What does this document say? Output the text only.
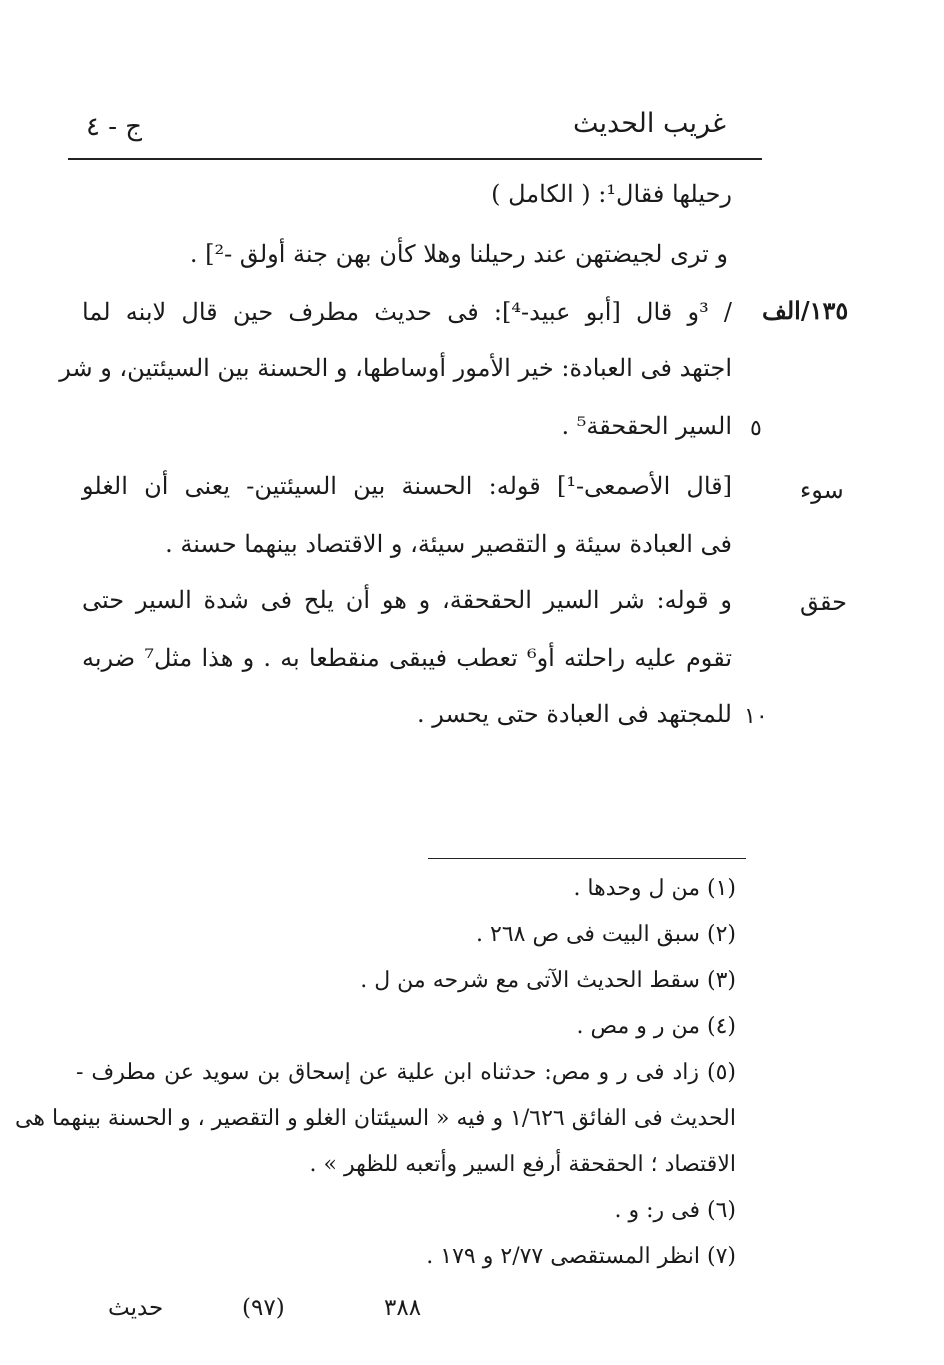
غريب الحديث
ج - ٤
رحيلها فقال¹: ( الكامل )
و ترى لجيضتهن عند رحيلنا وهلا كأن بهن جنة أولق -²] .
/ ³و قال [أبو عبيد-⁴]: فى حديث مطرف حين قال لابنه لما
اجتهد فى العبادة: خير الأمور أوساطها، و الحسنة بين السيئتين، و شر
السير الحقحقة⁵ .
[قال الأصمعى-¹] قوله: الحسنة بين السيئتين- يعنى أن الغلو
فى العبادة سيئة و التقصير سيئة، و الاقتصاد بينهما حسنة .
و قوله: شر السير الحقحقة، و هو أن يلح فى شدة السير حتى
تقوم عليه راحلته أو⁶ تعطب فيبقى منقطعا به . و هذا مثل⁷ ضربه
للمجتهد فى العبادة حتى يحسر .
١٣٥/الف
سوء
حقق
٥
١٠
(١) من ل وحدها .
(٢) سبق البيت فى ص ٢٦٨ .
(٣) سقط الحديث الآتى مع شرحه من ل .
(٤) من ر و مص .
(٥) زاد فى ر و مص: حدثناه ابن علية عن إسحاق بن سويد عن مطرف -
الحديث فى الفائق ١/٦٢٦ و فيه « السيئتان الغلو و التقصير ، و الحسنة بينهما هى
الاقتصاد ؛ الحقحقة أرفع السير وأتعبه للظهر » .
(٦) فى ر: و .
(٧) انظر المستقصى ٢/٧٧ و ١٧٩ .
٣٨٨
(٩٧)
حديث
